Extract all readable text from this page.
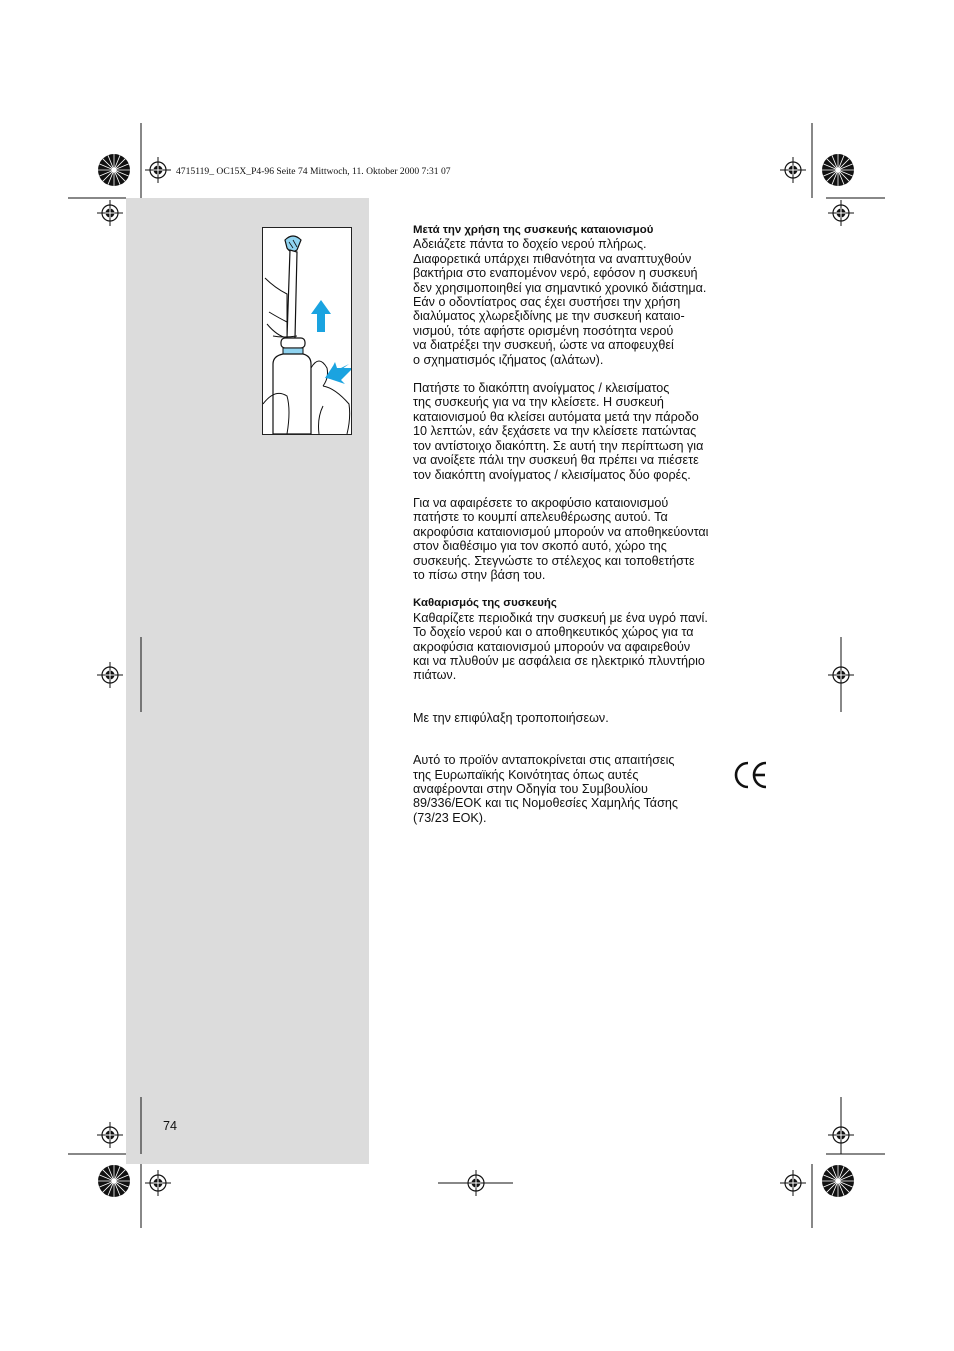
4715119_ OC15X_P4-96 Seite 74 Mittwoch, 11. Oktober 2000 7:31 07
Μετά την χρήση της συσκευής καταιονισμού

Αδειάζετε πάντα το δοχείο νερού πλήρως.
Διαφορετικά υπάρχει πιθανότητα να αναπτυχθούν
βακτήρια στο εναπομένον νερό, εφόσον η συσκευή
δεν χρησιμοποιηθεί για σημαντικό χρονικό διάστημα.
Εάν ο οδοντίατρος σας έχει συστήσει την χρήση
διαλύματος χλωρεξιδίνης με την συσκευή καταιο-
νισμού, τότε αφήστε ορισμένη ποσότητα νερού
να διατρέξει την συσκευή, ώστε να αποφευχθεί
ο σχηματισμός ιζήματος (αλάτων).

Πατήστε το διακόπτη ανοίγματος / κλεισίματος
της συσκευής για να την κλείσετε. Η συσκευή
καταιονισμού θα κλείσει αυτόματα μετά την πάροδο
10 λεπτών, εάν ξεχάσετε να την κλείσετε πατώντας
τον αντίστοιχο διακόπτη. Σε αυτή την περίπτωση για
να ανοίξετε πάλι την συσκευή θα πρέπει να πιέσετε
τον διακόπτη ανοίγματος / κλεισίματος δύο φορές.

Για να αφαιρέσετε το ακροφύσιο καταιονισμού
πατήστε το κουμπί απελευθέρωσης αυτού. Τα
ακροφύσια καταιονισμού μπορούν να αποθηκεύονται
στον διαθέσιμο για τον σκοπό αυτό, χώρο της
συσκευής. Στεγνώστε το στέλεχος και τοποθετήστε
το πίσω στην βάση του.

Καθαρισμός της συσκευής

Καθαρίζετε περιοδικά την συσκευή με ένα υγρό πανί.
Το δοχείο νερού και ο αποθηκευτικός χώρος για τα
ακροφύσια καταιονισμού μπορούν να αφαιρεθούν
και να πλυθούν με ασφάλεια σε ηλεκτρικό πλυντήριο
πιάτων.

Με την επιφύλαξη τροποποιήσεων.

Αυτό το προϊόν ανταποκρίνεται στις απαιτήσεις
της Ευρωπαϊκής Κοινότητας όπως αυτές
αναφέρονται στην Οδηγία του Συμβουλίου
89/336/ΕΟΚ και τις Νομοθεσίες Χαμηλής Τάσης
(73/23 ΕΟΚ).

74
